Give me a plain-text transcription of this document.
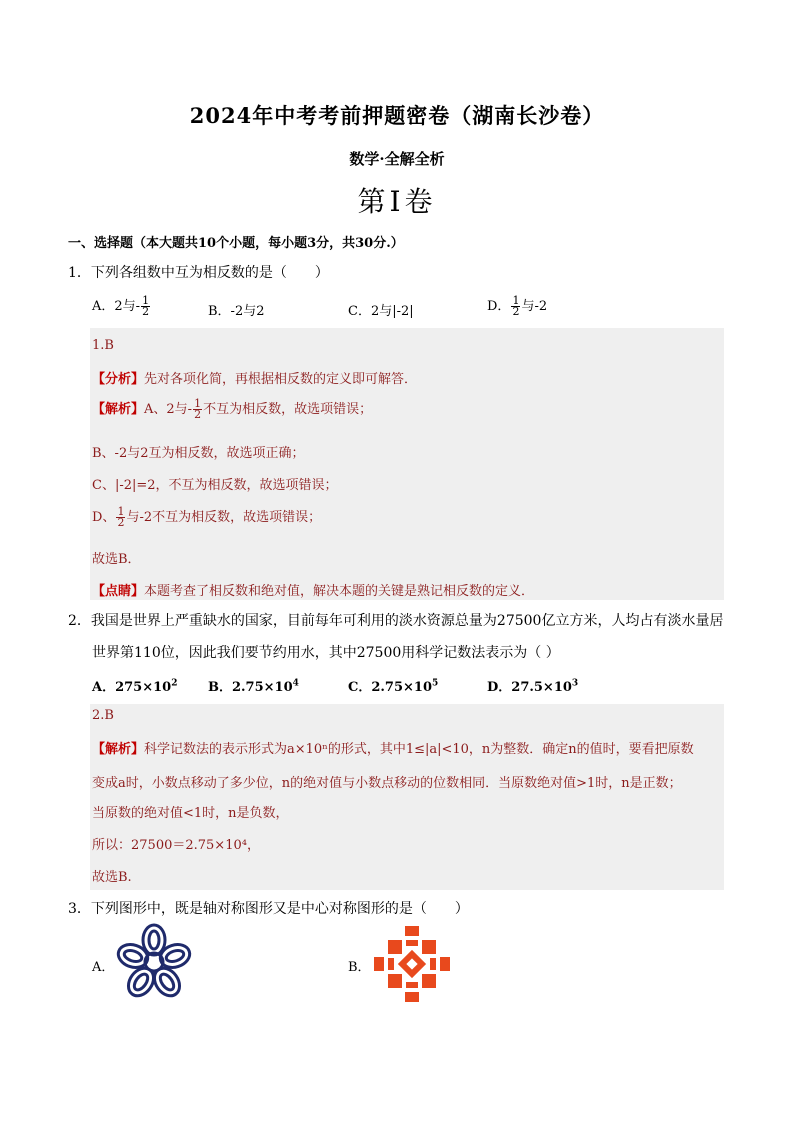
2024年中考考前押题密卷（湖南长沙卷）
数学·全解全析
第Ⅰ卷
一、选择题（本大题共10个小题，每小题3分，共30分.）
1．下列各组数中互为相反数的是（　　）
A．2与- $\frac{1}{2}$	B．-2与2	C．2与|-2|	D． $\frac{1}{2}$ 与-2
1.B
【分析】先对各项化简，再根据相反数的定义即可解答．
【解析】A、2与- $\frac{1}{2}$ 不互为相反数，故选项错误；
B、-2与2互为相反数，故选项正确；
C、|-2|=2，不互为相反数，故选项错误；
D、 $\frac{1}{2}$ 与-2不互为相反数，故选项错误；
故选B．
【点睛】本题考查了相反数和绝对值，解决本题的关键是熟记相反数的定义．
2．我国是世界上严重缺水的国家，目前每年可利用的淡水资源总量为27500亿立方米，人均占有淡水量居
世界第110位，因此我们要节约用水，其中27500用科学记数法表示为（ ）
A．$275\times 10^2$ B．$2.75\times 10^4$	C．$2.75\times 10^5$	D．$27.5\times 10^3$
2.B
【解析】科学记数法的表示形式为a×10ⁿ的形式，其中1≤|a|<10，n为整数．确定n的值时，要看把原数
变成a时，小数点移动了多少位，n的绝对值与小数点移动的位数相同．当原数绝对值>1时，n是正数；
当原数的绝对值<1时，n是负数，
所以：27500＝2.75×10⁴，
故选B.
3．下列图形中，既是轴对称图形又是中心对称图形的是（　　）
A．	B．
